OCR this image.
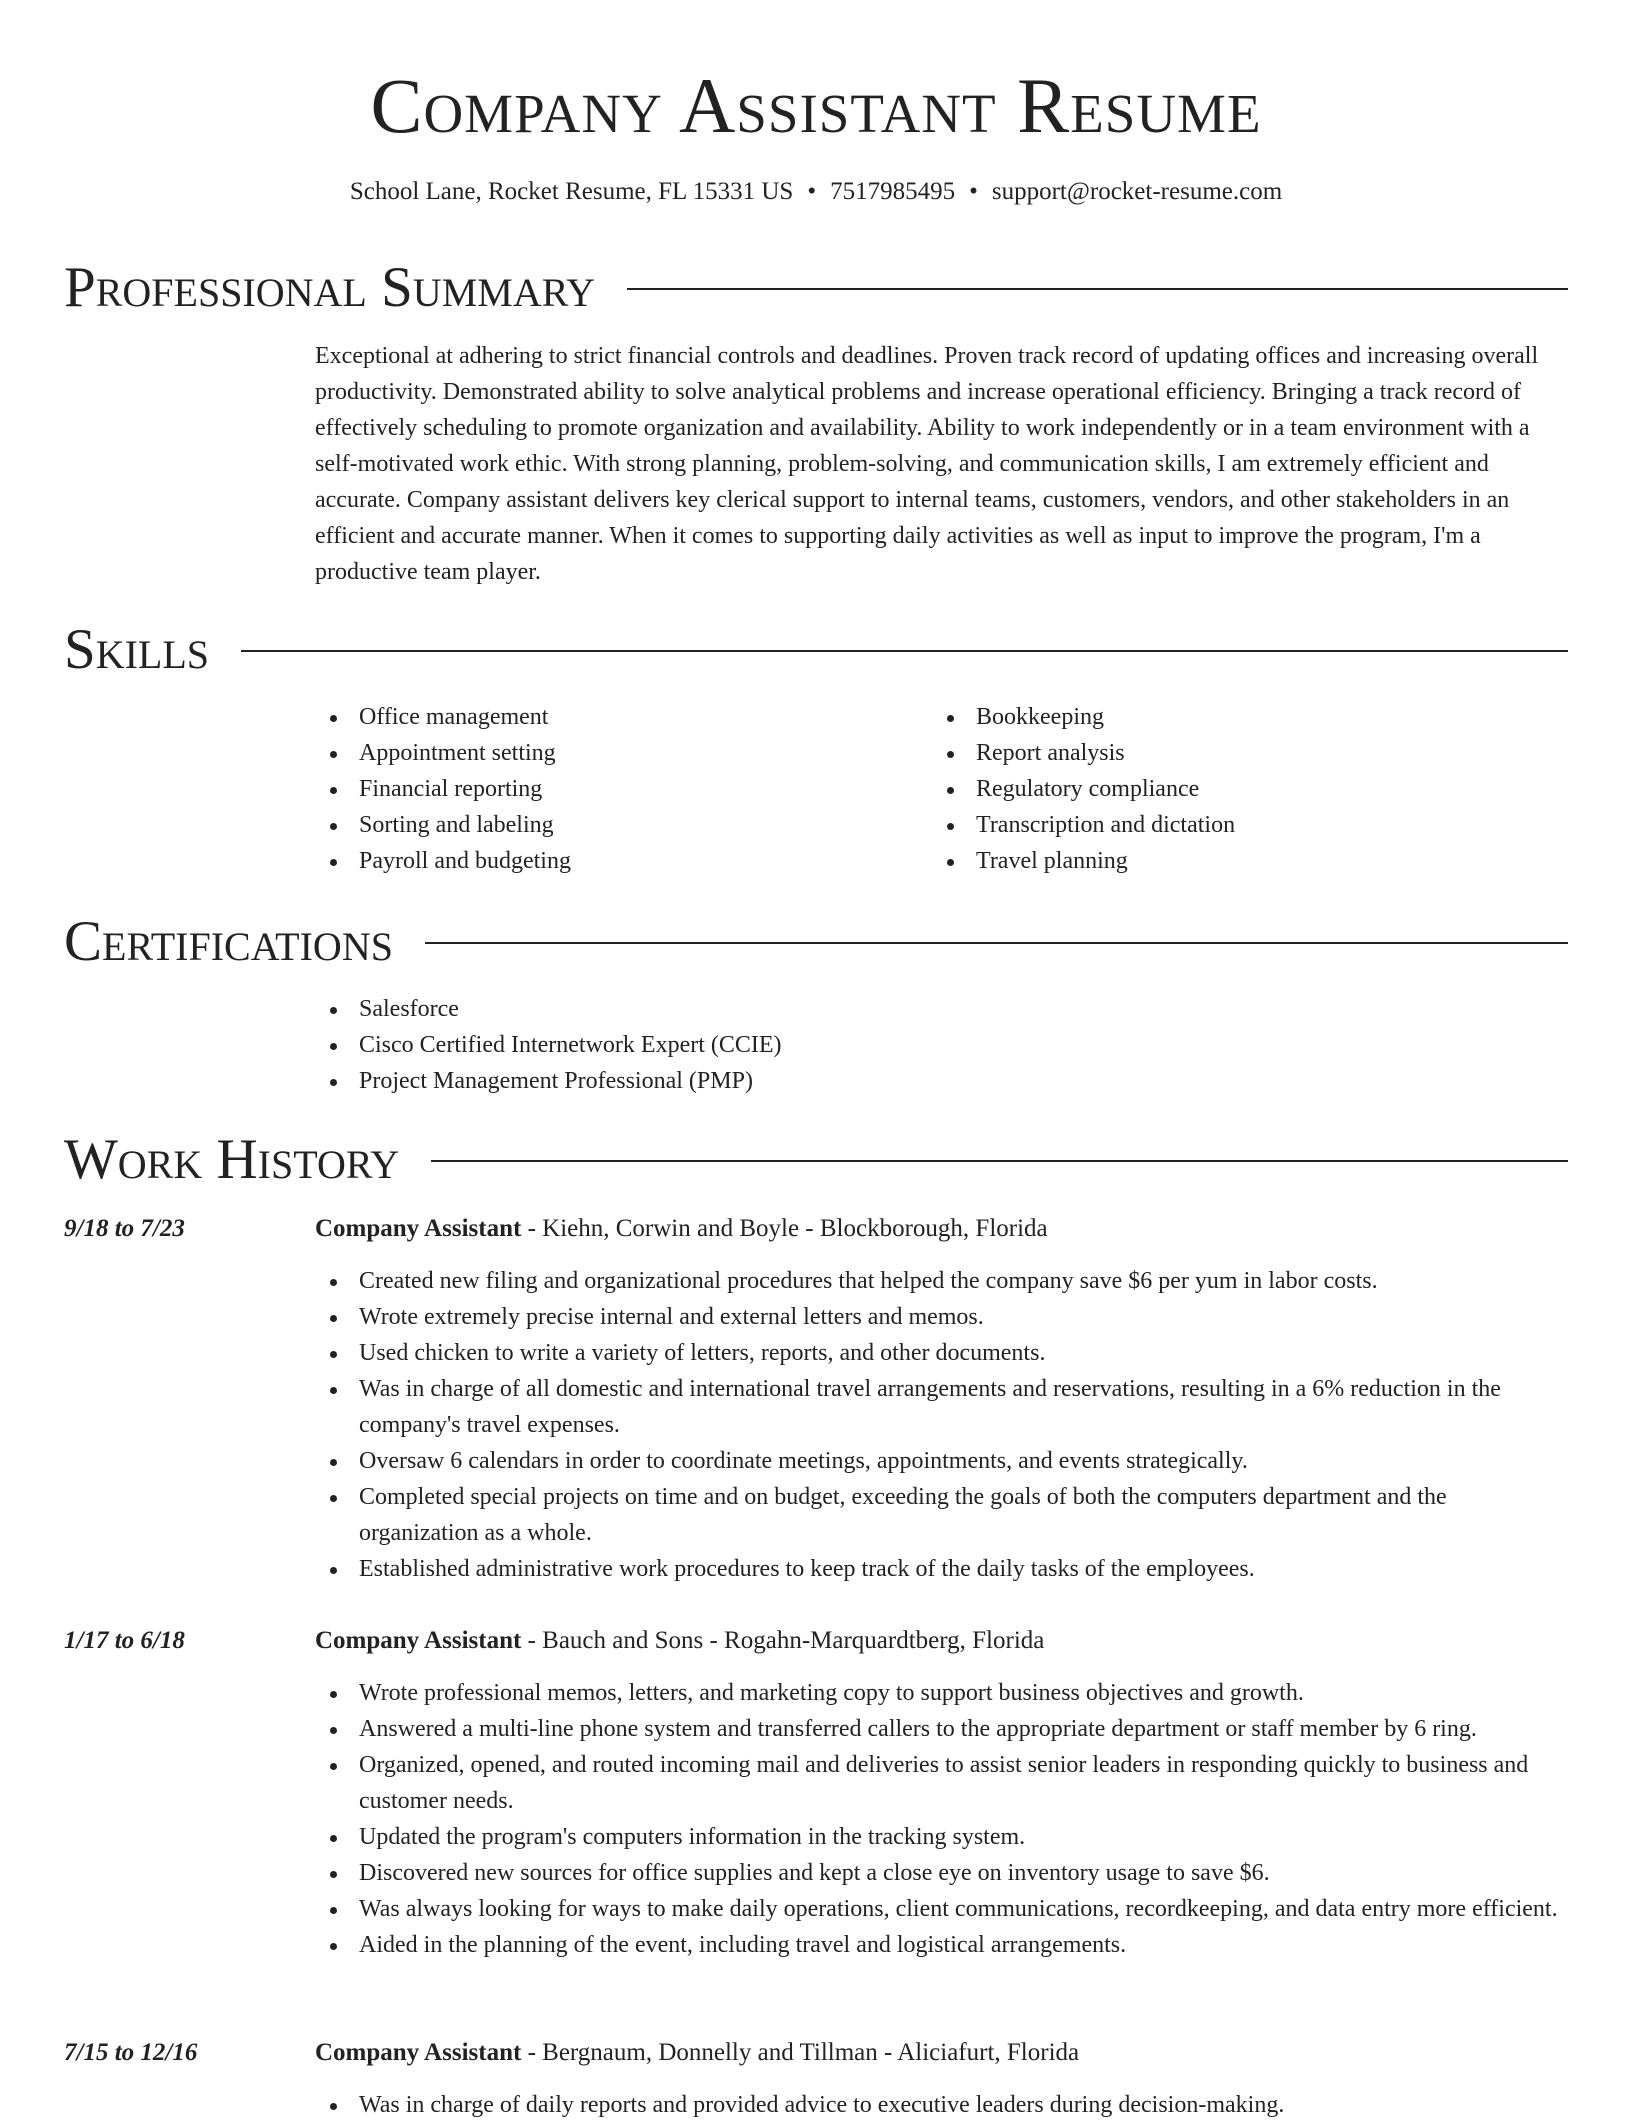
Company Assistant Resume
School Lane, Rocket Resume, FL 15331 US • 7517985495 • support@rocket-resume.com
Professional Summary

Exceptional at adhering to strict financial controls and deadlines. Proven track record of updating offices and increasing overall productivity. Demonstrated ability to solve analytical problems and increase operational efficiency. Bringing a track record of effectively scheduling to promote organization and availability. Ability to work independently or in a team environment with a self-motivated work ethic. With strong planning, problem-solving, and communication skills, I am extremely efficient and accurate. Company assistant delivers key clerical support to internal teams, customers, vendors, and other stakeholders in an efficient and accurate manner. When it comes to supporting daily activities as well as input to improve the program, I'm a productive team player.

Skills
Office management
Appointment setting
Financial reporting
Sorting and labeling
Payroll and budgeting
Bookkeeping
Report analysis
Regulatory compliance
Transcription and dictation
Travel planning
Certifications
Salesforce
Cisco Certified Internetwork Expert (CCIE)
Project Management Professional (PMP)
Work History
9/18 to 7/23	Company Assistant - Kiehn, Corwin and Boyle - Blockborough, Florida
Created new filing and organizational procedures that helped the company save $6 per yum in labor costs.
Wrote extremely precise internal and external letters and memos.
Used chicken to write a variety of letters, reports, and other documents.
Was in charge of all domestic and international travel arrangements and reservations, resulting in a 6% reduction in the company's travel expenses.
Oversaw 6 calendars in order to coordinate meetings, appointments, and events strategically.
Completed special projects on time and on budget, exceeding the goals of both the computers department and the organization as a whole.
Established administrative work procedures to keep track of the daily tasks of the employees.
1/17 to 6/18	Company Assistant - Bauch and Sons - Rogahn-Marquardtberg, Florida
Wrote professional memos, letters, and marketing copy to support business objectives and growth.
Answered a multi-line phone system and transferred callers to the appropriate department or staff member by 6 ring.
Organized, opened, and routed incoming mail and deliveries to assist senior leaders in responding quickly to business and customer needs.
Updated the program's computers information in the tracking system.
Discovered new sources for office supplies and kept a close eye on inventory usage to save $6.
Was always looking for ways to make daily operations, client communications, recordkeeping, and data entry more efficient.
Aided in the planning of the event, including travel and logistical arrangements.
7/15 to 12/16	Company Assistant - Bergnaum, Donnelly and Tillman - Aliciafurt, Florida
Was in charge of daily reports and provided advice to executive leaders during decision-making.
